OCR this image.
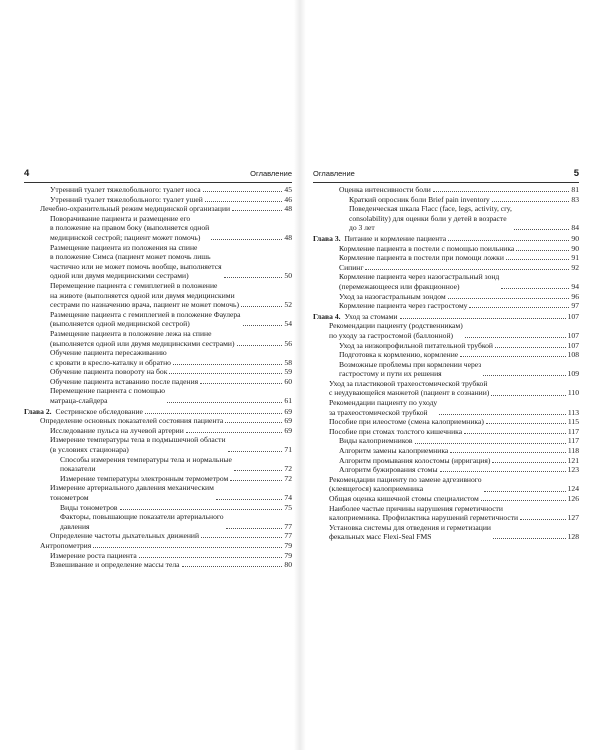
4	Оглавление
Утренний туалет тяжелобольного: туалет носа	45
Утренний туалет тяжелобольного: туалет ушей	46
Лечебно-охранительный режим медицинской организации	48
Поворачивание пациента и размещение его
в положение на правом боку (выполняется одной
медицинской сестрой; пациент может помочь)	48
Размещение пациента из положения на спине
в положение Симса (пациент может помочь лишь
частично или не может помочь вообще, выполняется
одной или двумя медицинскими сестрами)	50
Перемещение пациента с гемиплегией в положение
на животе (выполняется одной или двумя медицинскими
сестрами по назначению врача, пациент не может помочь)	52
Размещение пациента с гемиплегией в положение Фаулера
(выполняется одной медицинской сестрой)	54
Размещение пациента в положение лежа на спине
(выполняется одной или двумя медицинскими сестрами)	56
Обучение пациента пересаживанию
с кровати в кресло-каталку и обратно	58
Обучение пациента повороту на бок	59
Обучение пациента вставанию после падения	60
Перемещение пациента с помощью
матраца-слайдера	61
Глава 2. Сестринское обследование	69
Определение основных показателей состояния пациента	69
Исследование пульса на лучевой артерии	69
Измерение температуры тела в подмышечной области
(в условиях стационара)	71
Способы измерения температуры тела и нормальные
показатели	72
Измерение температуры электронным термометром	72
Измерение артериального давления механическим
тонометром	74
Виды тонометров	75
Факторы, повышающие показатели артериального
давления	77
Определение частоты дыхательных движений	77
Антропометрия	79
Измерение роста пациента	79
Взвешивание и определение массы тела	80
Оглавление	5
Оценка интенсивности боли	81
Краткий опросник боли Brief pain inventory	83
Поведенческая шкала Flacc (face, legs, activity, cry,
consolability) для оценки боли у детей в возрасте
до 3 лет	84
Глава 3. Питание и кормление пациента	90
Кормление пациента в постели с помощью поильника	90
Кормление пациента в постели при помощи ложки	91
Сипинг	92
Кормление пациента через назогастральный зонд
(перемежающееся или фракционное)	94
Уход за назогастральным зондом	96
Кормление пациента через гастростому	97
Глава 4. Уход за стомами	107
Рекомендации пациенту (родственникам)
по уходу за гастростомой (баллонной)	107
Уход за низкопрофильной питательной трубкой	107
Подготовка к кормлению, кормление	108
Возможные проблемы при кормлении через
гастростому и пути их решения	109
Уход за пластиковой трахеостомической трубкой
с неудувающейся манжетой (пациент в сознании)	110
Рекомендации пациенту по уходу
за трахеостомической трубкой	113
Пособие при илеостоме (смена калоприемника)	115
Пособие при стомах толстого кишечника	117
Виды калоприемников	117
Алгоритм замены калоприемника	118
Алгоритм промывания колостомы (ирригация)	121
Алгоритм бужирования стомы	123
Рекомендации пациенту по замене адгезивного
(клеящегося) калоприемника	124
Общая оценка кишечной стомы специалистом	126
Наиболее частые причины нарушения герметичности
калоприемника. Профилактика нарушений герметичности	127
Установка системы для отведения и герметизации
фекальных масс Flexi-Seal FMS	128
